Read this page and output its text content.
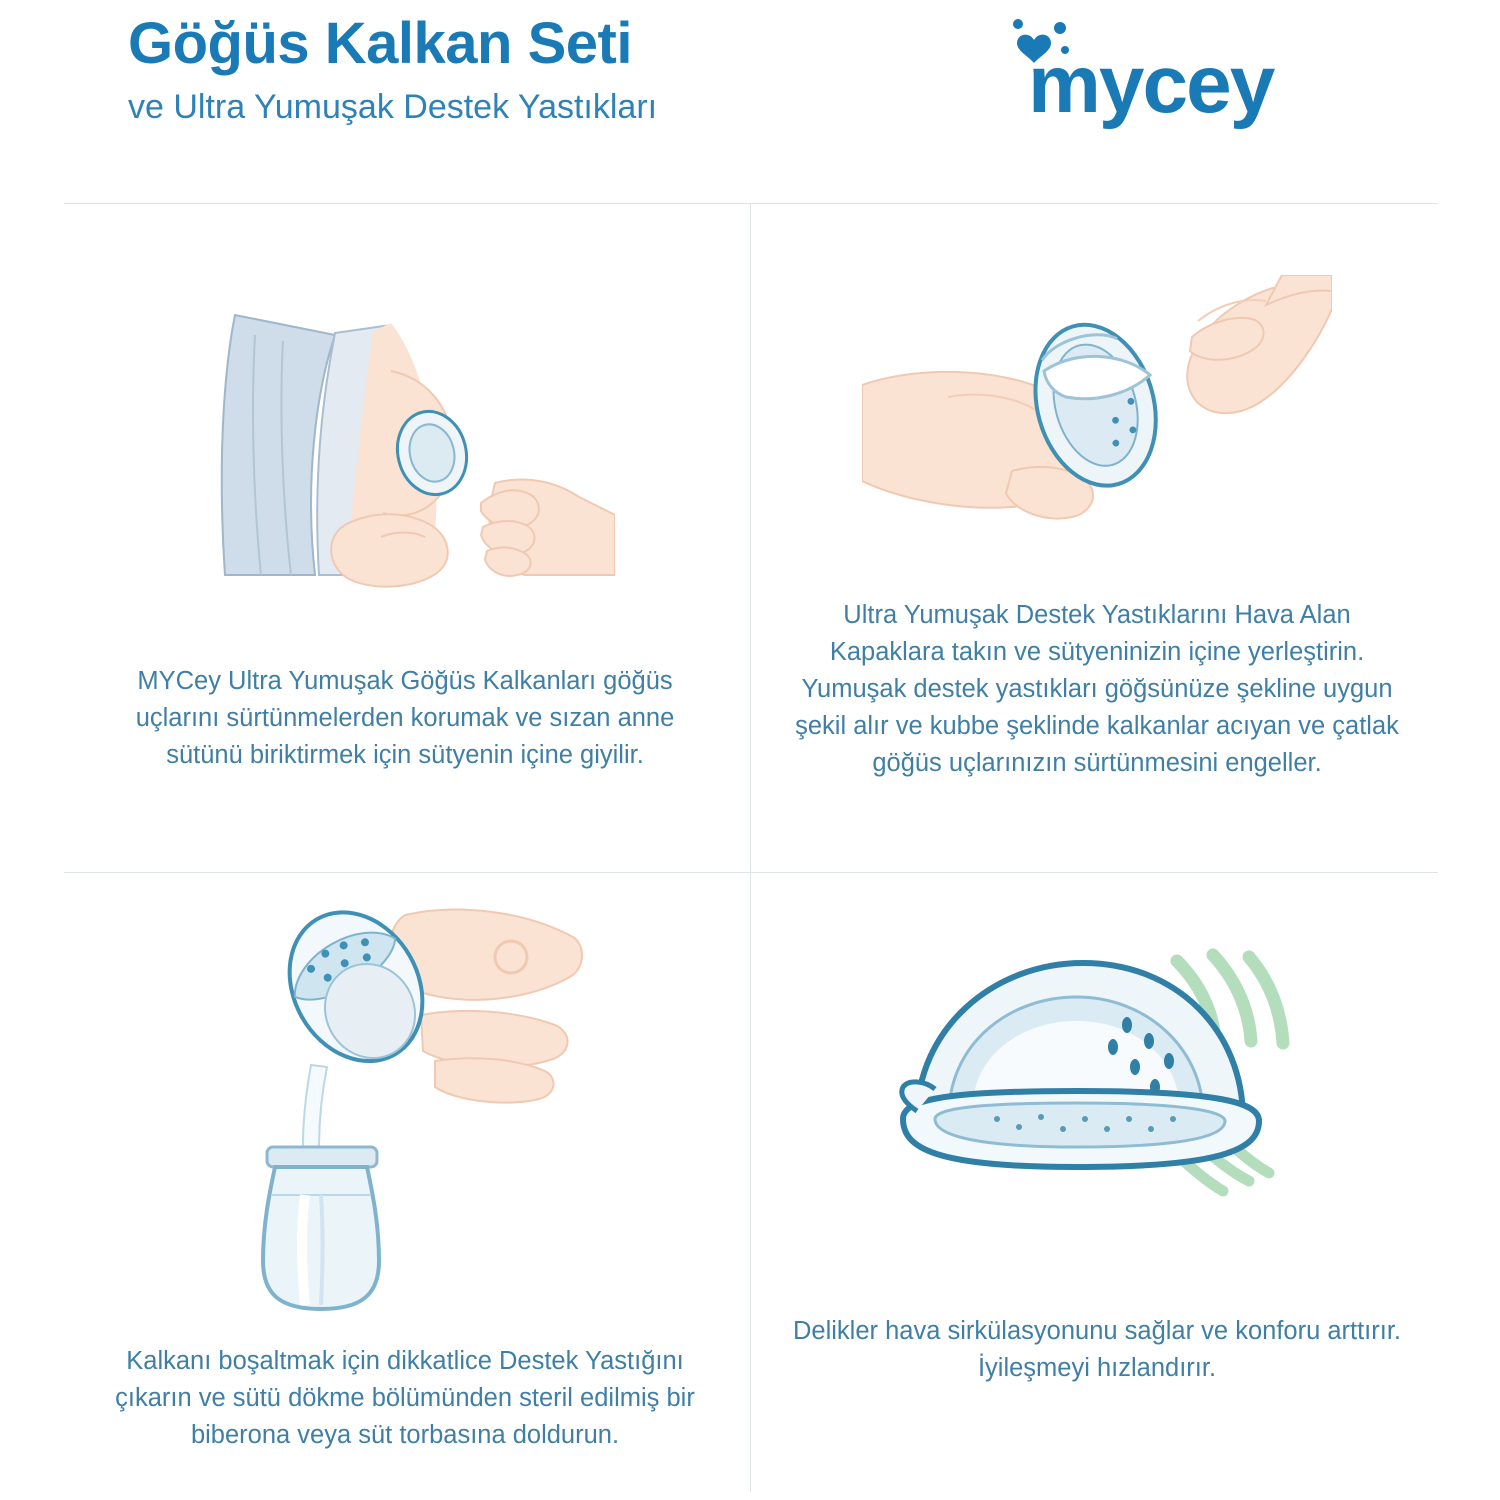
Göğüs Kalkan Seti
ve Ultra Yumuşak Destek Yastıkları	mycey
MYCey Ultra Yumuşak Göğüs Kalkanları göğüs uçlarını sürtünmelerden korumak ve sızan anne sütünü biriktirmek için sütyenin içine giyilir.
Ultra Yumuşak Destek Yastıklarını Hava Alan Kapaklara takın ve sütyeninizin içine yerleştirin. Yumuşak destek yastıkları göğsünüze şekline uygun şekil alır ve kubbe şeklinde kalkanlar acıyan ve çatlak göğüs uçlarınızın sürtünmesini engeller.
Kalkanı boşaltmak için dikkatlice Destek Yastığını çıkarın ve sütü dökme bölümünden steril edilmiş bir biberona veya süt torbasına doldurun.
Delikler hava sirkülasyonunu sağlar ve konforu arttırır. İyileşmeyi hızlandırır.
